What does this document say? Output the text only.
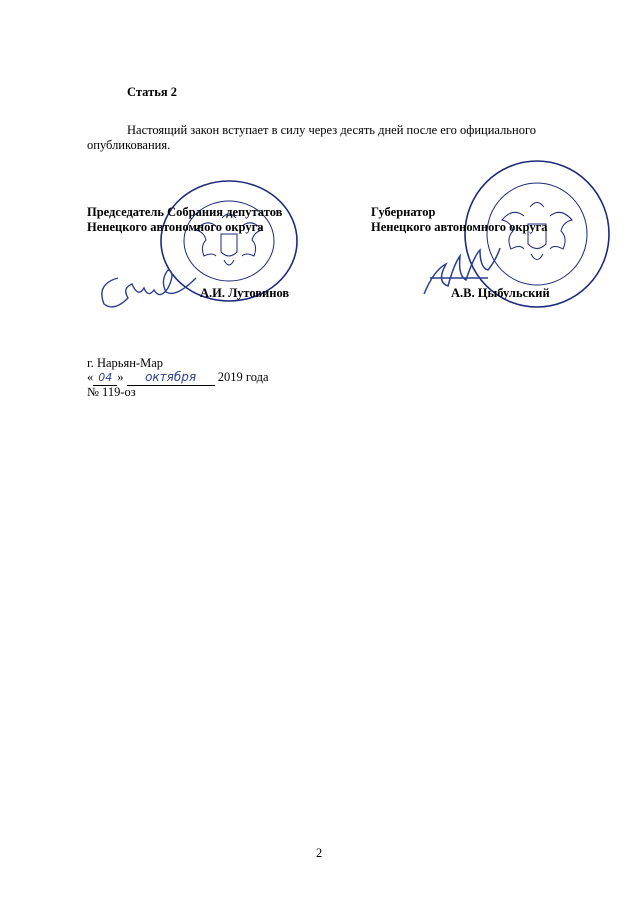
Статья 2
Настоящий закон вступает в силу через десять дней после его официального
опубликования.
Председатель Собрания депутатов
Ненецкого автономного округа
А.И. Лутовинов
Губернатор
Ненецкого автономного округа
А.В. Цыбульский
г. Нарьян-Мар
« 04 » октября 2019 года
№ 119-оз
2
